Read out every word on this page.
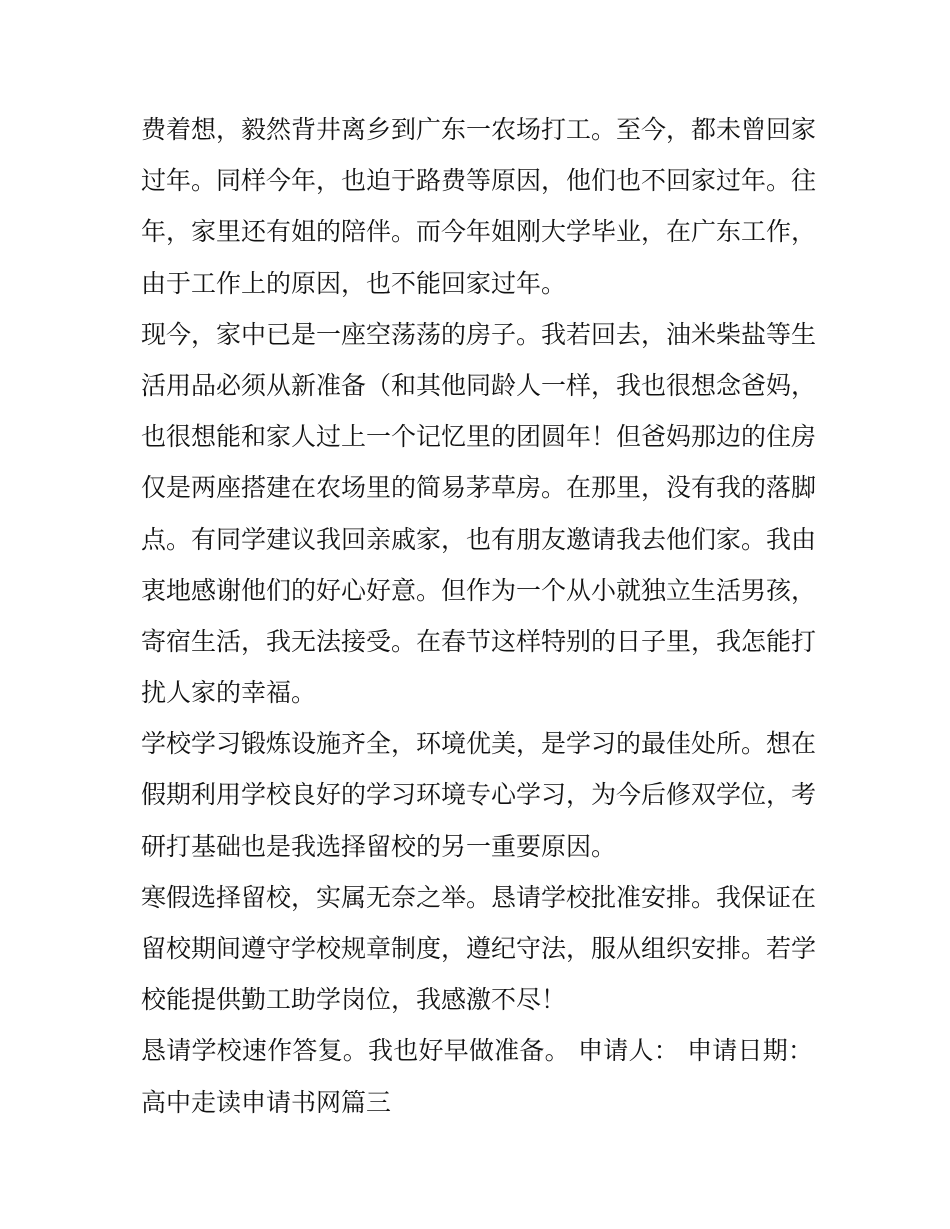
费着想，毅然背井离乡到广东一农场打工。至今，都未曾回家
过年。同样今年，也迫于路费等原因，他们也不回家过年。往
年，家里还有姐的陪伴。而今年姐刚大学毕业，在广东工作，
由于工作上的原因，也不能回家过年。
现今，家中已是一座空荡荡的房子。我若回去，油米柴盐等生
活用品必须从新准备（和其他同龄人一样，我也很想念爸妈，
也很想能和家人过上一个记忆里的团圆年！但爸妈那边的住房
仅是两座搭建在农场里的简易茅草房。在那里，没有我的落脚
点。有同学建议我回亲戚家，也有朋友邀请我去他们家。我由
衷地感谢他们的好心好意。但作为一个从小就独立生活男孩，
寄宿生活，我无法接受。在春节这样特别的日子里，我怎能打
扰人家的幸福。
学校学习锻炼设施齐全，环境优美，是学习的最佳处所。想在
假期利用学校良好的学习环境专心学习，为今后修双学位，考
研打基础也是我选择留校的另一重要原因。
寒假选择留校，实属无奈之举。恳请学校批准安排。我保证在
留校期间遵守学校规章制度，遵纪守法，服从组织安排。若学
校能提供勤工助学岗位，我感激不尽！
恳请学校速作答复。我也好早做准备。 申请人： 申请日期：
高中走读申请书网篇三
